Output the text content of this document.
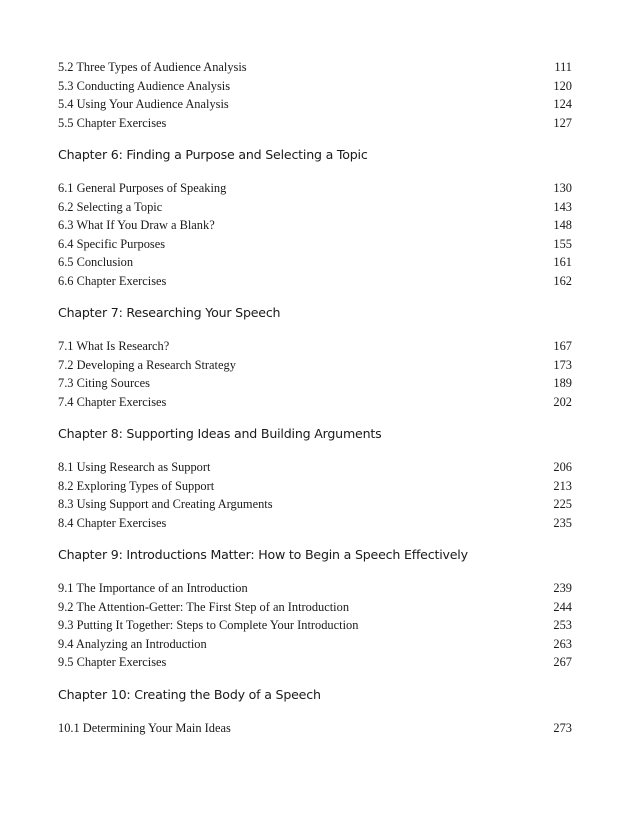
5.2 Three Types of Audience Analysis	111
5.3 Conducting Audience Analysis	120
5.4 Using Your Audience Analysis	124
5.5 Chapter Exercises	127
Chapter 6: Finding a Purpose and Selecting a Topic
6.1 General Purposes of Speaking	130
6.2 Selecting a Topic	143
6.3 What If You Draw a Blank?	148
6.4 Specific Purposes	155
6.5 Conclusion	161
6.6 Chapter Exercises	162
Chapter 7: Researching Your Speech
7.1 What Is Research?	167
7.2 Developing a Research Strategy	173
7.3 Citing Sources	189
7.4 Chapter Exercises	202
Chapter 8: Supporting Ideas and Building Arguments
8.1 Using Research as Support	206
8.2 Exploring Types of Support	213
8.3 Using Support and Creating Arguments	225
8.4 Chapter Exercises	235
Chapter 9: Introductions Matter: How to Begin a Speech Effectively
9.1 The Importance of an Introduction	239
9.2 The Attention-Getter: The First Step of an Introduction	244
9.3 Putting It Together: Steps to Complete Your Introduction	253
9.4 Analyzing an Introduction	263
9.5 Chapter Exercises	267
Chapter 10: Creating the Body of a Speech
10.1 Determining Your Main Ideas	273
